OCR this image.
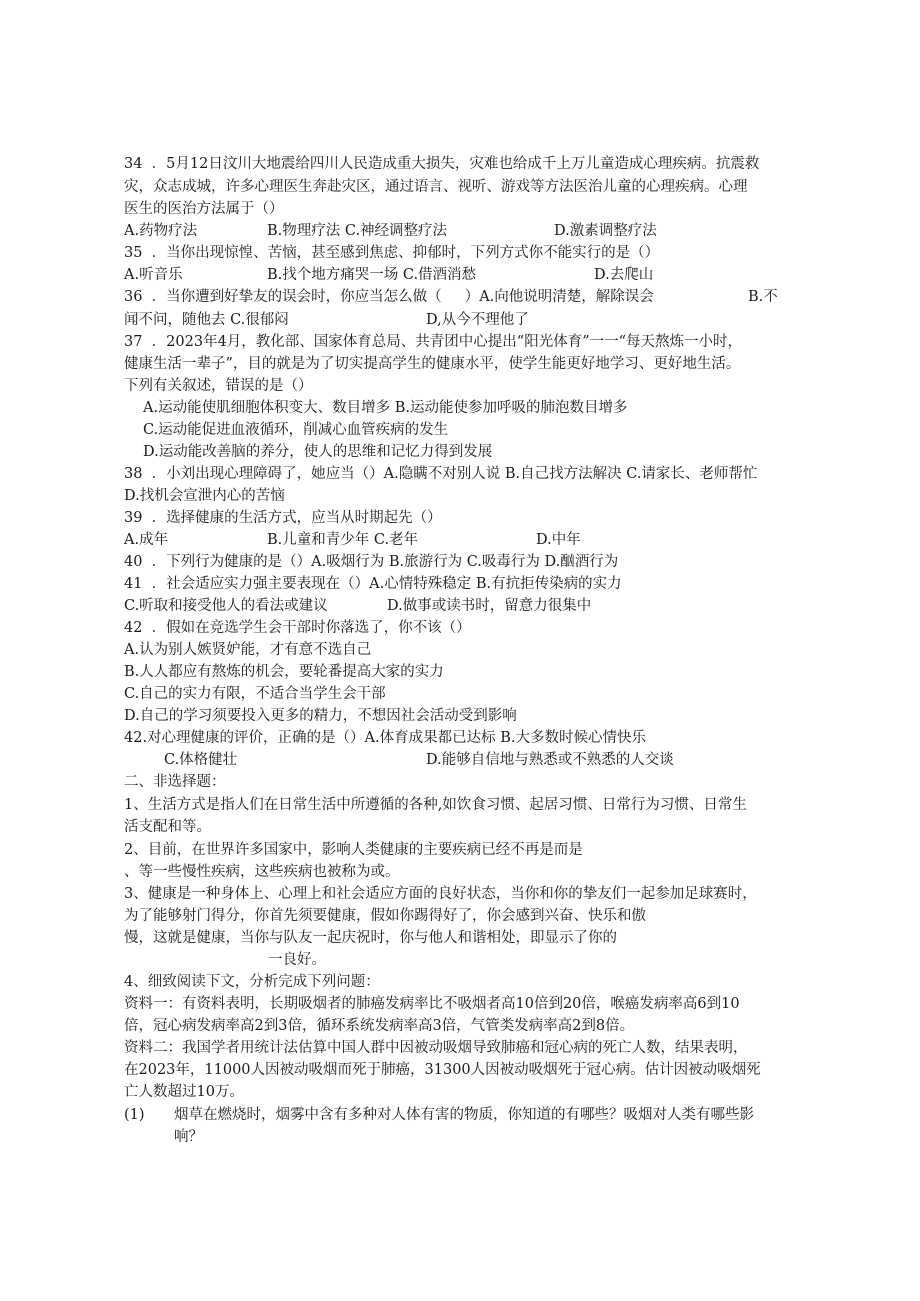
34  ．5月12日汶川大地震给四川人民造成重大损失，灾难也给成千上万儿童造成心理疾病。抗震救

灾，众志成城，许多心理医生奔赴灾区，通过语言、视听、游戏等方法医治儿童的心理疾病。心理

医生的医治方法属于（）

A.药物疗法	B.物理疗法 C.神经调整疗法	D.激素调整疗法

35  ．当你出现惊惶、苦恼，甚至感到焦虑、抑郁时，下列方式你不能实行的是（）

A.听音乐	B.找个地方痛哭一场 C.借酒消愁	D.去爬山

36  ．当你遭到好挚友的误会时，你应当怎么做（     ）A.向他说明清楚，解除误会	B.不

闻不问，随他去 C.很郁闷	D,从今不理他了

37  ．2023年4月，教化部、国家体育总局、共青团中心提出“阳光体育”一一“每天熬炼一小时，

健康生活一辈子”，目的就是为了切实提高学生的健康水平，使学生能更好地学习、更好地生活。

下列有关叙述，错误的是（）

A.运动能使肌细胞体积变大、数目增多 B.运动能使参加呼吸的肺泡数目增多

C.运动能促进血液循环，削减心血管疾病的发生

D.运动能改善脑的养分，使人的思维和记忆力得到发展

38  ．小刘出现心理障碍了，她应当（）A.隐瞒不对别人说 B.自己找方法解决 C.请家长、老师帮忙

D.找机会宣泄内心的苦恼

39  ．选择健康的生活方式，应当从时期起先（）

A.成年	B.儿童和青少年 C.老年	D.中年

40  ．下列行为健康的是（）A.吸烟行为 B.旅游行为 C.吸毒行为 D.酗酒行为

41  ．社会适应实力强主要表现在（）A.心情特殊稳定 B.有抗拒传染病的实力

C.听取和接受他人的看法或建议	D.做事或读书时，留意力很集中

42  ．假如在竞选学生会干部时你落选了，你不该（）

A.认为别人嫉贤妒能，才有意不选自己

B.人人都应有熬炼的机会，要轮番提高大家的实力

C.自己的实力有限，不适合当学生会干部

D.自己的学习须要投入更多的精力，不想因社会活动受到影响

42.对心理健康的评价，正确的是（）A.体育成果都已达标 B.大多数时候心情快乐

C.体格健壮	D.能够自信地与熟悉或不熟悉的人交谈

二、非选择题：

1、生活方式是指人们在日常生活中所遵循的各种,如饮食习惯、起居习惯、日常行为习惯、日常生

活支配和等。

2、目前，在世界许多国家中，影响人类健康的主要疾病已经不再是而是

、等一些慢性疾病，这些疾病也被称为或。

3、健康是一种身体上、心理上和社会适应方面的良好状态，当你和你的挚友们一起参加足球赛时，

为了能够射门得分，你首先须要健康，假如你踢得好了，你会感到兴奋、快乐和傲

慢，这就是健康，当你与队友一起庆祝时，你与他人和谐相处，即显示了你的

一良好。

4、细致阅读下文，分析完成下列问题：

资料一：有资料表明，长期吸烟者的肺癌发病率比不吸烟者高10倍到20倍，喉癌发病率高6到10

倍，冠心病发病率高2到3倍，循环系统发病率高3倍，气管类发病率高2到8倍。

资料二：我国学者用统计法估算中国人群中因被动吸烟导致肺癌和冠心病的死亡人数，结果表明，

在2023年，11000人因被动吸烟而死于肺癌，31300人因被动吸烟死于冠心病。估计因被动吸烟死

亡人数超过10万。

(1) 烟草在燃烧时，烟雾中含有多种对人体有害的物质，你知道的有哪些？吸烟对人类有哪些影

响？
